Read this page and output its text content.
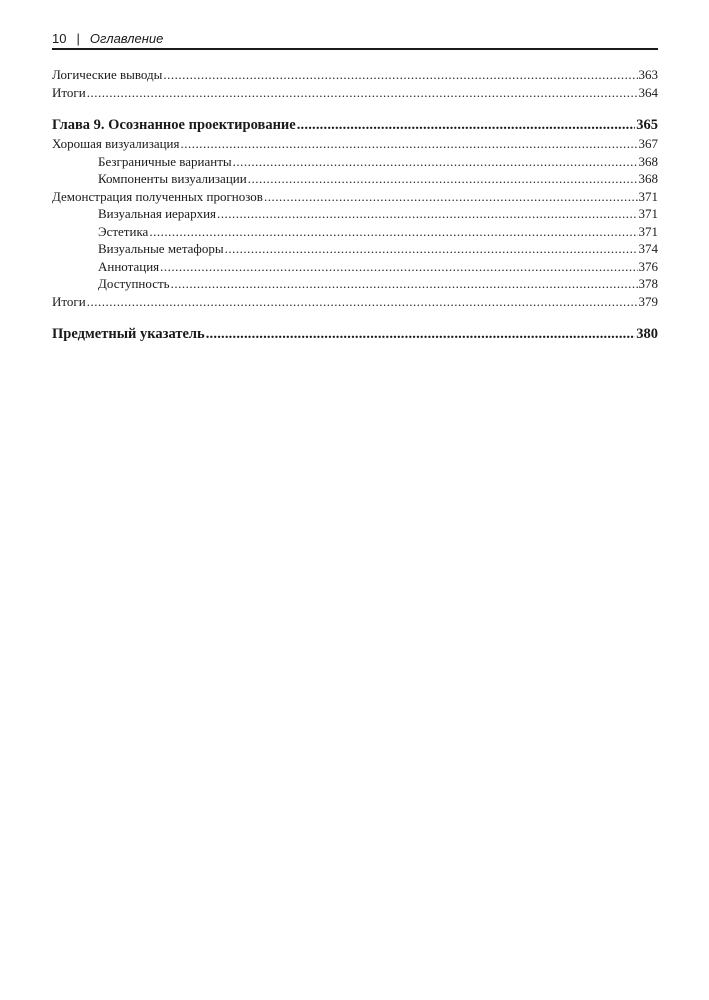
10 | Оглавление
Логические выводы .....	363
Итоги .....	364
Глава 9. Осознанное проектирование .....	365
Хорошая визуализация .....	367
Безграничные варианты .....	368
Компоненты визуализации .....	368
Демонстрация полученных прогнозов .....	371
Визуальная иерархия .....	371
Эстетика .....	371
Визуальные метафоры .....	374
Аннотация .....	376
Доступность .....	378
Итоги .....	379
Предметный указатель .....	380
